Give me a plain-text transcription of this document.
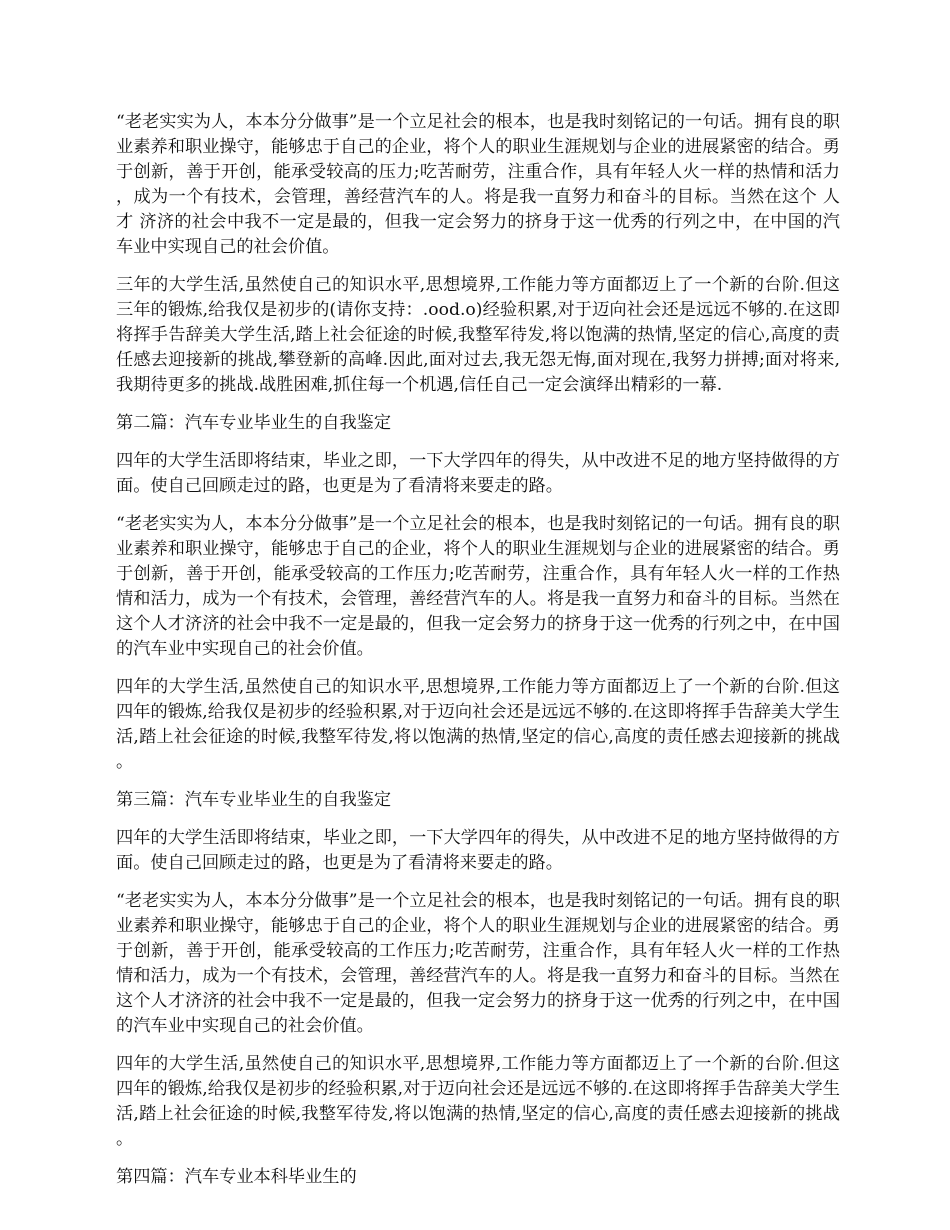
“老老实实为人，本本分分做事”是一个立足社会的根本，也是我时刻铭记的一句话。拥有良的职业素养和职业操守，能够忠于自己的企业，将个人的职业生涯规划与企业的进展紧密的结合。勇于创新，善于开创，能承受较高的压力;吃苦耐劳，注重合作，具有年轻人火一样的热情和活力，成为一个有技术，会管理，善经营汽车的人。将是我一直努力和奋斗的目标。当然在这个 人才 济济的社会中我不一定是最的，但我一定会努力的挤身于这一优秀的行列之中，在中国的汽车业中实现自己的社会价值。

三年的大学生活,虽然使自己的知识水平,思想境界,工作能力等方面都迈上了一个新的台阶.但这三年的锻炼,给我仅是初步的(请你支持：.ood.o)经验积累,对于迈向社会还是远远不够的.在这即将挥手告辞美大学生活,踏上社会征途的时候,我整军待发,将以饱满的热情,坚定的信心,高度的责任感去迎接新的挑战,攀登新的高峰.因此,面对过去,我无怨无悔,面对现在,我努力拼搏;面对将来,我期待更多的挑战.战胜困难,抓住每一个机遇,信任自己一定会演绎出精彩的一幕.

第二篇：汽车专业毕业生的自我鉴定

四年的大学生活即将结束，毕业之即，一下大学四年的得失，从中改进不足的地方坚持做得的方面。使自己回顾走过的路，也更是为了看清将来要走的路。

“老老实实为人，本本分分做事”是一个立足社会的根本，也是我时刻铭记的一句话。拥有良的职业素养和职业操守，能够忠于自己的企业，将个人的职业生涯规划与企业的进展紧密的结合。勇于创新，善于开创，能承受较高的工作压力;吃苦耐劳，注重合作，具有年轻人火一样的工作热情和活力，成为一个有技术，会管理，善经营汽车的人。将是我一直努力和奋斗的目标。当然在这个人才济济的社会中我不一定是最的，但我一定会努力的挤身于这一优秀的行列之中，在中国的汽车业中实现自己的社会价值。

四年的大学生活,虽然使自己的知识水平,思想境界,工作能力等方面都迈上了一个新的台阶.但这四年的锻炼,给我仅是初步的经验积累,对于迈向社会还是远远不够的.在这即将挥手告辞美大学生活,踏上社会征途的时候,我整军待发,将以饱满的热情,坚定的信心,高度的责任感去迎接新的挑战。

第三篇：汽车专业毕业生的自我鉴定

四年的大学生活即将结束，毕业之即，一下大学四年的得失，从中改进不足的地方坚持做得的方面。使自己回顾走过的路，也更是为了看清将来要走的路。

“老老实实为人，本本分分做事”是一个立足社会的根本，也是我时刻铭记的一句话。拥有良的职业素养和职业操守，能够忠于自己的企业，将个人的职业生涯规划与企业的进展紧密的结合。勇于创新，善于开创，能承受较高的工作压力;吃苦耐劳，注重合作，具有年轻人火一样的工作热情和活力，成为一个有技术，会管理，善经营汽车的人。将是我一直努力和奋斗的目标。当然在这个人才济济的社会中我不一定是最的，但我一定会努力的挤身于这一优秀的行列之中，在中国的汽车业中实现自己的社会价值。

四年的大学生活,虽然使自己的知识水平,思想境界,工作能力等方面都迈上了一个新的台阶.但这四年的锻炼,给我仅是初步的经验积累,对于迈向社会还是远远不够的.在这即将挥手告辞美大学生活,踏上社会征途的时候,我整军待发,将以饱满的热情,坚定的信心,高度的责任感去迎接新的挑战。

第四篇：汽车专业本科毕业生的
